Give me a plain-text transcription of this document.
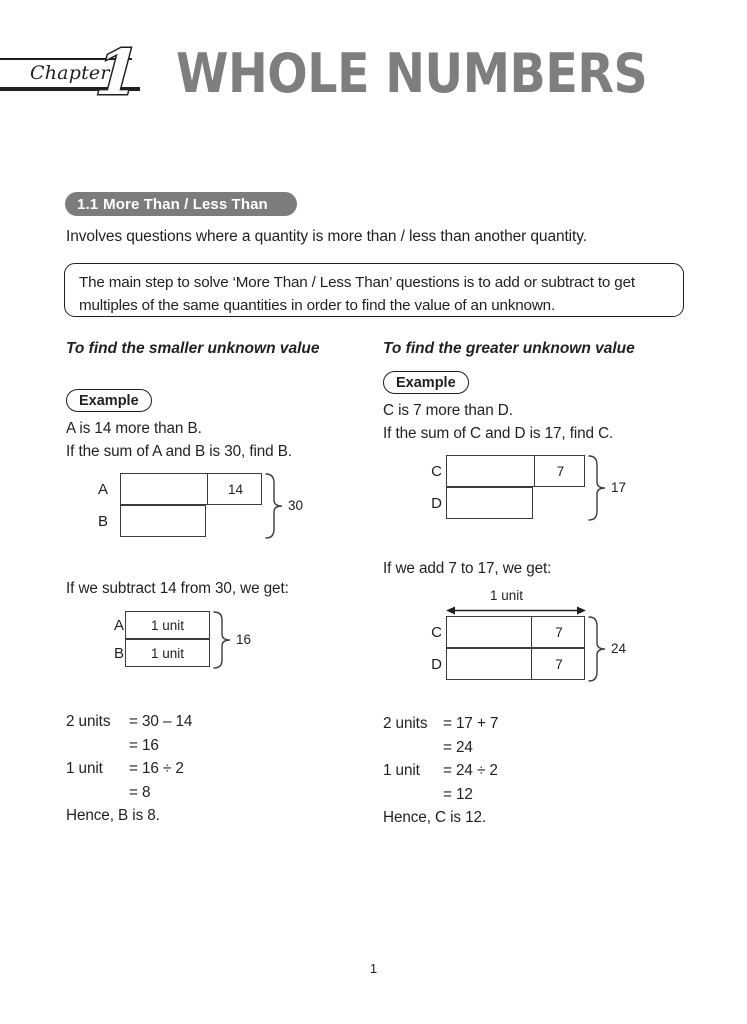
Chapter
1 WHOLE NUMBERS
1.1 More Than / Less Than
Involves questions where a quantity is more than / less than another quantity.
The main step to solve ‘More Than / Less Than’ questions is to add or subtract to get multiples of the same quantities in order to find the value of an unknown.
To find the smaller unknown value
Example
A is 14 more than B.
If the sum of A and B is 30, find B.
A
B
14
30
If we subtract 14 from 30, we get:
A
B
1 unit
1 unit
16
2 units	= 30 – 14
= 16
1 unit	= 16 ÷ 2
= 8
Hence, B is 8.
To find the greater unknown value
Example
C is 7 more than D.
If the sum of C and D is 17, find C.
C
D
7
17
If we add 7 to 17, we get:
1 unit
C
D
7
7
24
2 units	= 17 + 7
= 24
1 unit	= 24 ÷ 2
= 12
Hence, C is 12.
1
